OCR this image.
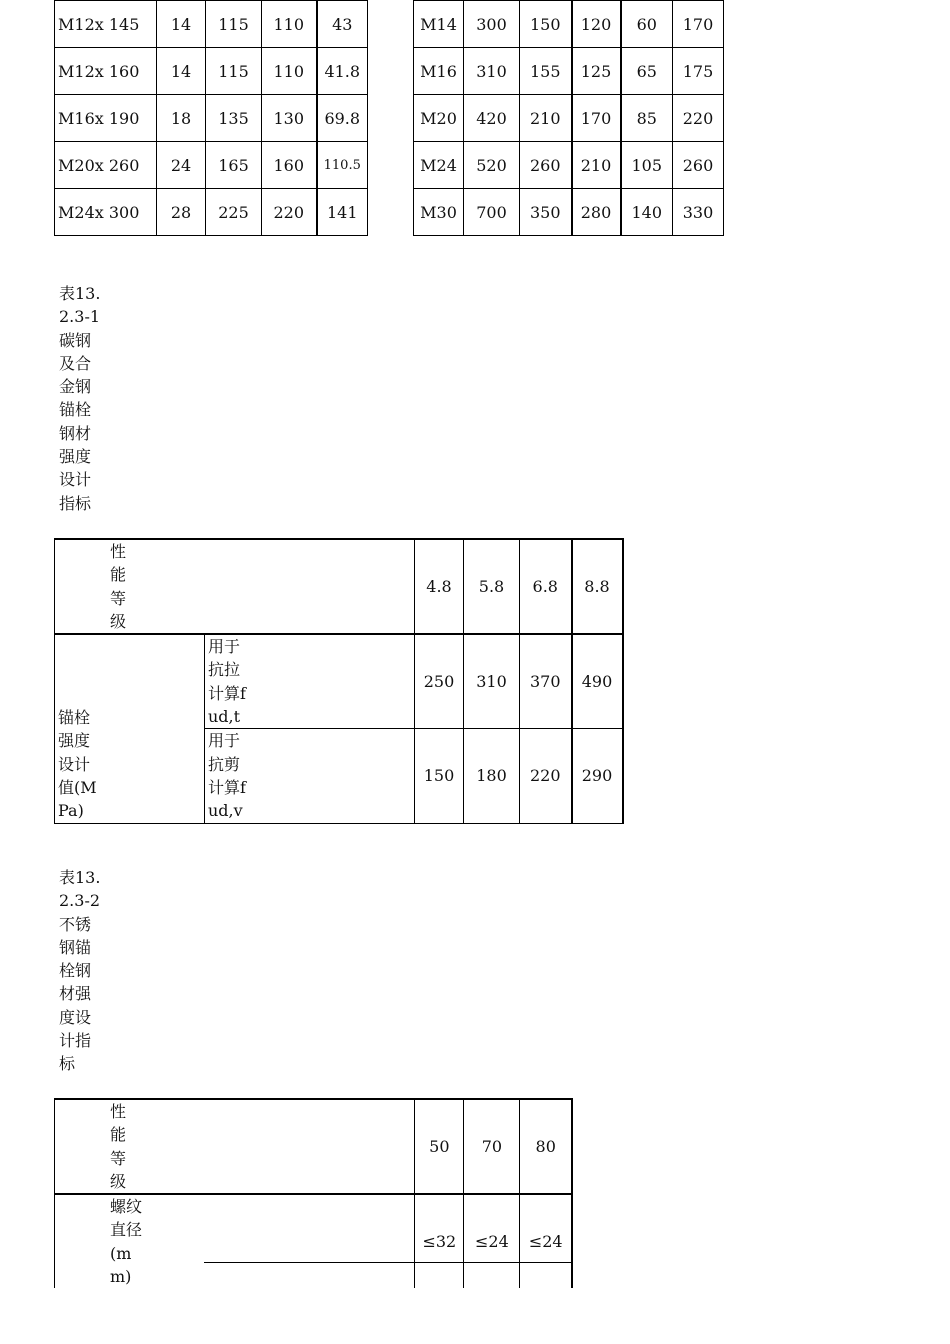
M12x 145	14	115	110	43
M12x 160	14	115	110	41.8
M16x 190	18	135	130	69.8
M20x 260	24	165	160	110.5
M24x 300	28	225	220	141
M14	300	150	120	60	170
M16	310	155	125	65	175
M20	420	210	170	85	220
M24	520	260	210	105	260
M30	700	350	280	140	330
表13.2.3-1碳钢及合金钢锚栓钢材强度设计指标
性能等级		4.8	5.8	6.8	8.8

锚栓强度设计值(MPa)	用于抗拉计算fud,t	250	310	370	490

	用于抗剪计算fud,v	150	180	220	290
表13.2.3-2不锈钢锚栓钢材强度设计指标
性能等级	50	70	80

螺纹直径(mm)	≤32	≤24	≤24
